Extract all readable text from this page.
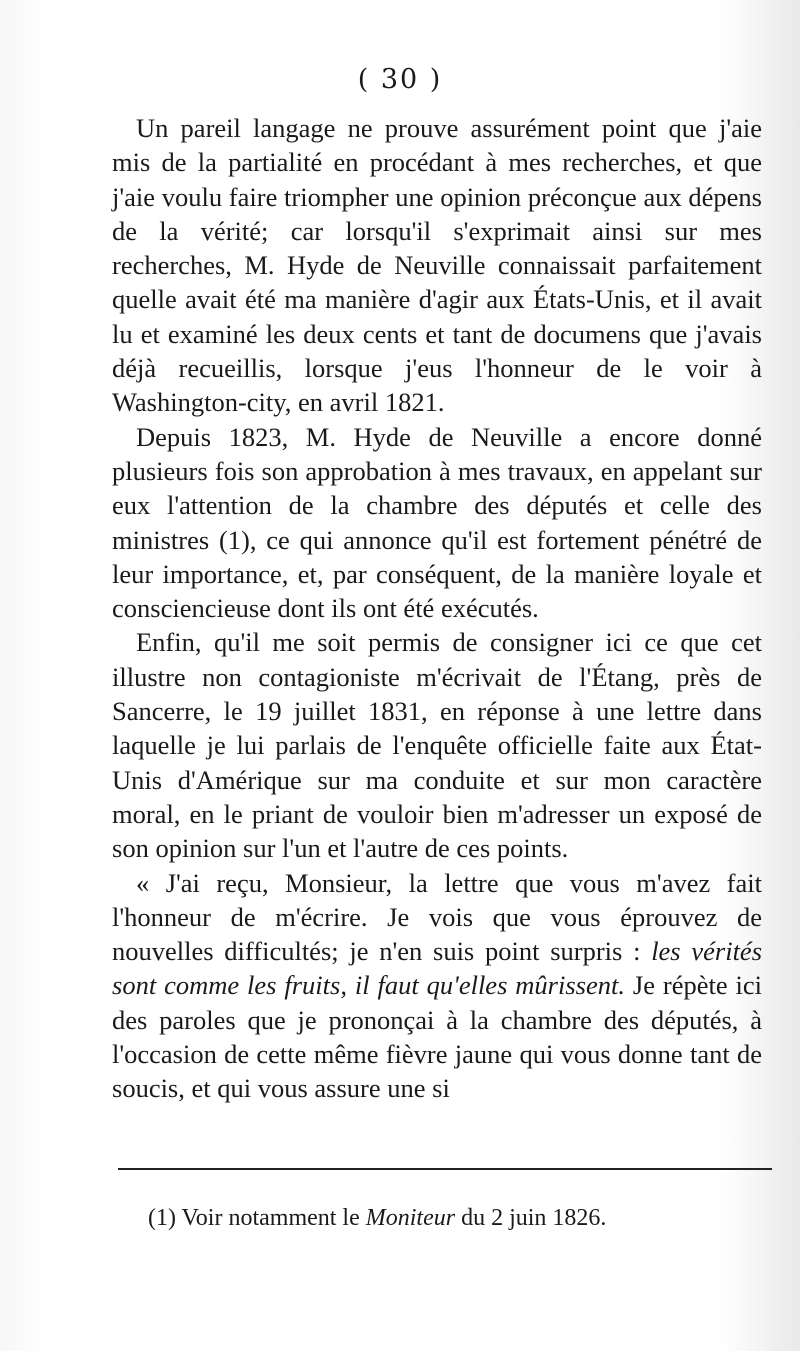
( 30 )

Un pareil langage ne prouve assurément point que j'aie mis de la partialité en procédant à mes recherches, et que j'aie voulu faire triompher une opinion préconçue aux dépens de la vérité; car lorsqu'il s'exprimait ainsi sur mes recherches, M. Hyde de Neuville connaissait parfaitement quelle avait été ma manière d'agir aux États-Unis, et il avait lu et examiné les deux cents et tant de documens que j'avais déjà recueillis, lorsque j'eus l'honneur de le voir à Washington-city, en avril 1821.

Depuis 1823, M. Hyde de Neuville a encore donné plusieurs fois son approbation à mes travaux, en appelant sur eux l'attention de la chambre des députés et celle des ministres (1), ce qui annonce qu'il est fortement pénétré de leur importance, et, par conséquent, de la manière loyale et consciencieuse dont ils ont été exécutés.

Enfin, qu'il me soit permis de consigner ici ce que cet illustre non contagioniste m'écrivait de l'Étang, près de Sancerre, le 19 juillet 1831, en réponse à une lettre dans laquelle je lui parlais de l'enquête officielle faite aux État-Unis d'Amérique sur ma conduite et sur mon caractère moral, en le priant de vouloir bien m'adresser un exposé de son opinion sur l'un et l'autre de ces points.

« J'ai reçu, Monsieur, la lettre que vous m'avez fait l'honneur de m'écrire. Je vois que vous éprouvez de nouvelles difficultés; je n'en suis point surpris : les vérités sont comme les fruits, il faut qu'elles mûrissent. Je répète ici des paroles que je prononçai à la chambre des députés, à l'occasion de cette même fièvre jaune qui vous donne tant de soucis, et qui vous assure une si

(1) Voir notamment le Moniteur du 2 juin 1826.
